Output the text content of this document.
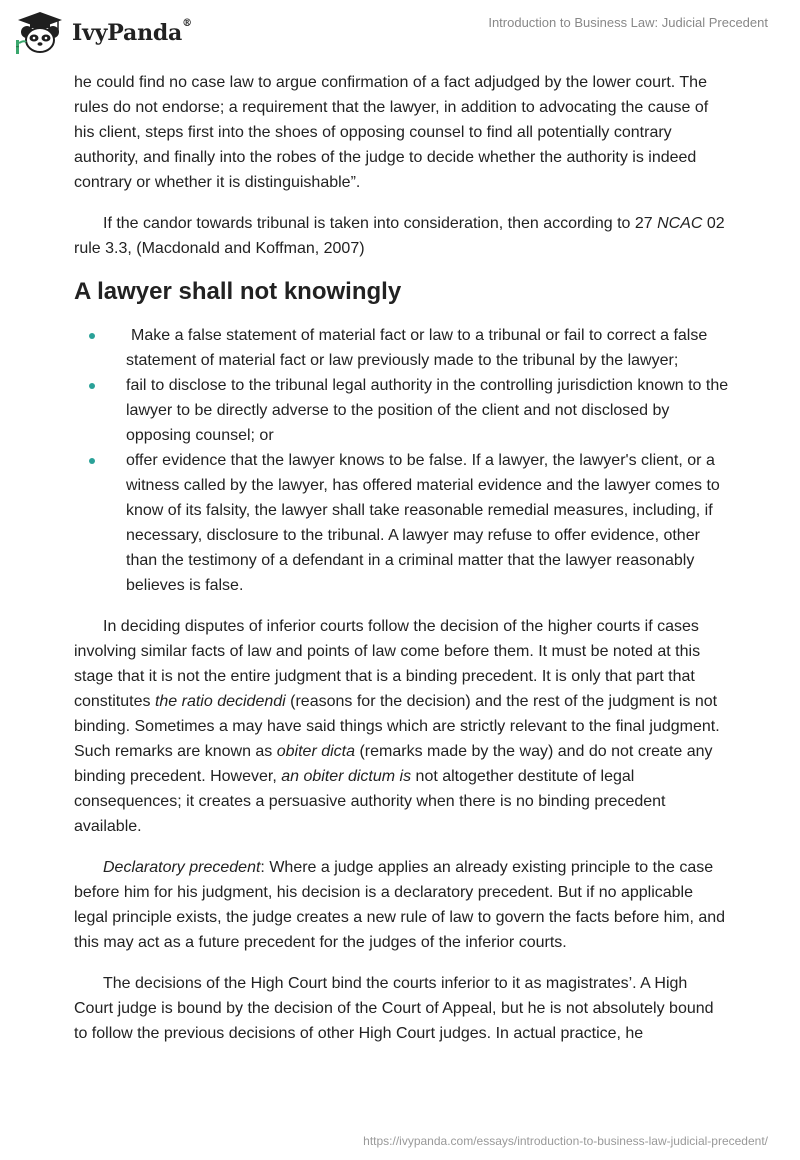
IvyPanda®	Introduction to Business Law: Judicial Precedent

he could find no case law to argue confirmation of a fact adjudged by the lower court. The rules do not endorse; a requirement that the lawyer, in addition to advocating the cause of his client, steps first into the shoes of opposing counsel to find all potentially contrary authority, and finally into the robes of the judge to decide whether the authority is indeed contrary or whether it is distinguishable”.

If the candor towards tribunal is taken into consideration, then according to 27 NCAC 02 rule 3.3, (Macdonald and Koffman, 2007)

A lawyer shall not knowingly
Make a false statement of material fact or law to a tribunal or fail to correct a false statement of material fact or law previously made to the tribunal by the lawyer;
fail to disclose to the tribunal legal authority in the controlling jurisdiction known to the lawyer to be directly adverse to the position of the client and not disclosed by opposing counsel; or
offer evidence that the lawyer knows to be false. If a lawyer, the lawyer's client, or a witness called by the lawyer, has offered material evidence and the lawyer comes to know of its falsity, the lawyer shall take reasonable remedial measures, including, if necessary, disclosure to the tribunal. A lawyer may refuse to offer evidence, other than the testimony of a defendant in a criminal matter that the lawyer reasonably believes is false.

In deciding disputes of inferior courts follow the decision of the higher courts if cases involving similar facts of law and points of law come before them. It must be noted at this stage that it is not the entire judgment that is a binding precedent. It is only that part that constitutes the ratio decidendi (reasons for the decision) and the rest of the judgment is not binding. Sometimes a may have said things which are strictly relevant to the final judgment. Such remarks are known as obiter dicta (remarks made by the way) and do not create any binding precedent. However, an obiter dictum is not altogether destitute of legal consequences; it creates a persuasive authority when there is no binding precedent available.

Declaratory precedent: Where a judge applies an already existing principle to the case before him for his judgment, his decision is a declaratory precedent. But if no applicable legal principle exists, the judge creates a new rule of law to govern the facts before him, and this may act as a future precedent for the judges of the inferior courts.

The decisions of the High Court bind the courts inferior to it as magistrates’. A High Court judge is bound by the decision of the Court of Appeal, but he is not absolutely bound to follow the previous decisions of other High Court judges. In actual practice, he

https://ivypanda.com/essays/introduction-to-business-law-judicial-precedent/
